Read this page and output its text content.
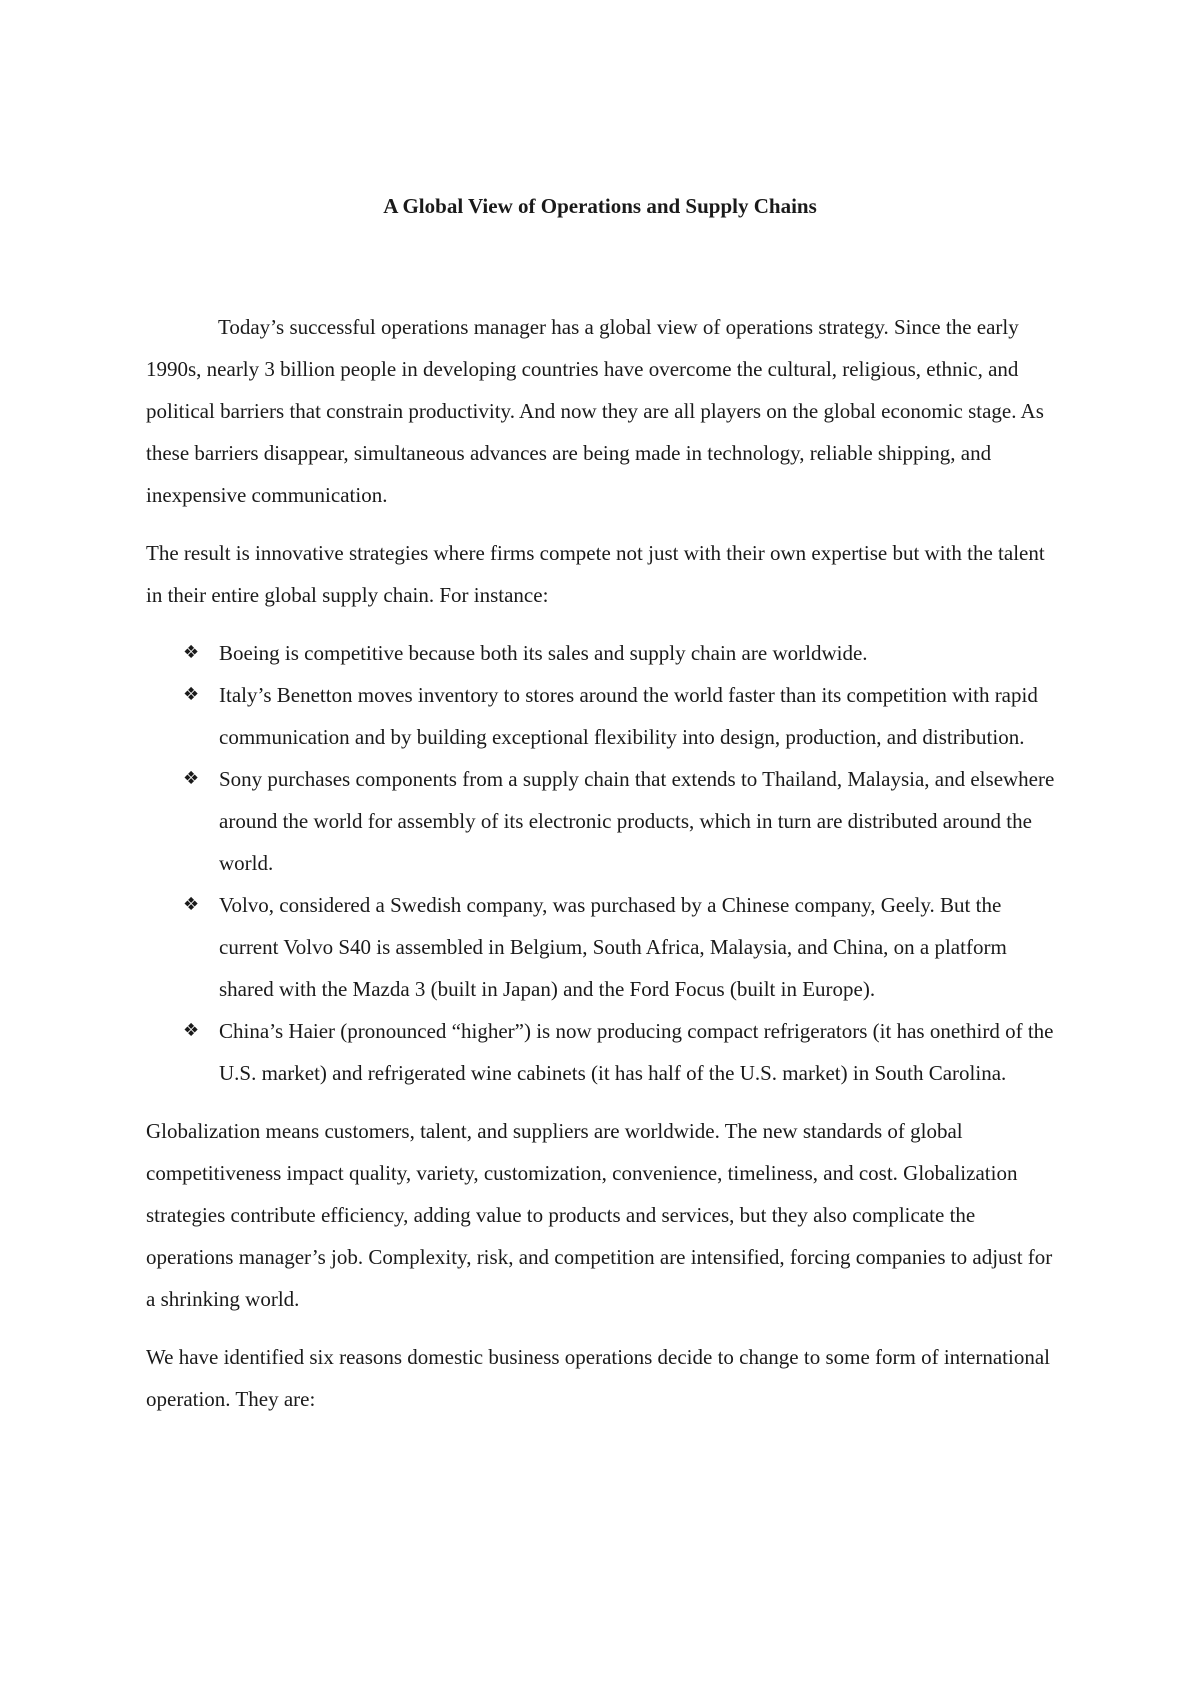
A Global View of Operations and Supply Chains

Today’s successful operations manager has a global view of operations strategy. Since the early 1990s, nearly 3 billion people in developing countries have overcome the cultural, religious, ethnic, and political barriers that constrain productivity. And now they are all players on the global economic stage. As these barriers disappear, simultaneous advances are being made in technology, reliable shipping, and inexpensive communication.

The result is innovative strategies where firms compete not just with their own expertise but with the talent in their entire global supply chain. For instance:

❖ Boeing is competitive because both its sales and supply chain are worldwide.
❖ Italy’s Benetton moves inventory to stores around the world faster than its competition with rapid communication and by building exceptional flexibility into design, production, and distribution.
❖ Sony purchases components from a supply chain that extends to Thailand, Malaysia, and elsewhere around the world for assembly of its electronic products, which in turn are distributed around the world.
❖ Volvo, considered a Swedish company, was purchased by a Chinese company, Geely. But the current Volvo S40 is assembled in Belgium, South Africa, Malaysia, and China, on a platform shared with the Mazda 3 (built in Japan) and the Ford Focus (built in Europe).
❖ China’s Haier (pronounced “higher”) is now producing compact refrigerators (it has onethird of the U.S. market) and refrigerated wine cabinets (it has half of the U.S. market) in South Carolina.

Globalization means customers, talent, and suppliers are worldwide. The new standards of global competitiveness impact quality, variety, customization, convenience, timeliness, and cost. Globalization strategies contribute efficiency, adding value to products and services, but they also complicate the operations manager’s job. Complexity, risk, and competition are intensified, forcing companies to adjust for a shrinking world.

We have identified six reasons domestic business operations decide to change to some form of international operation. They are:
